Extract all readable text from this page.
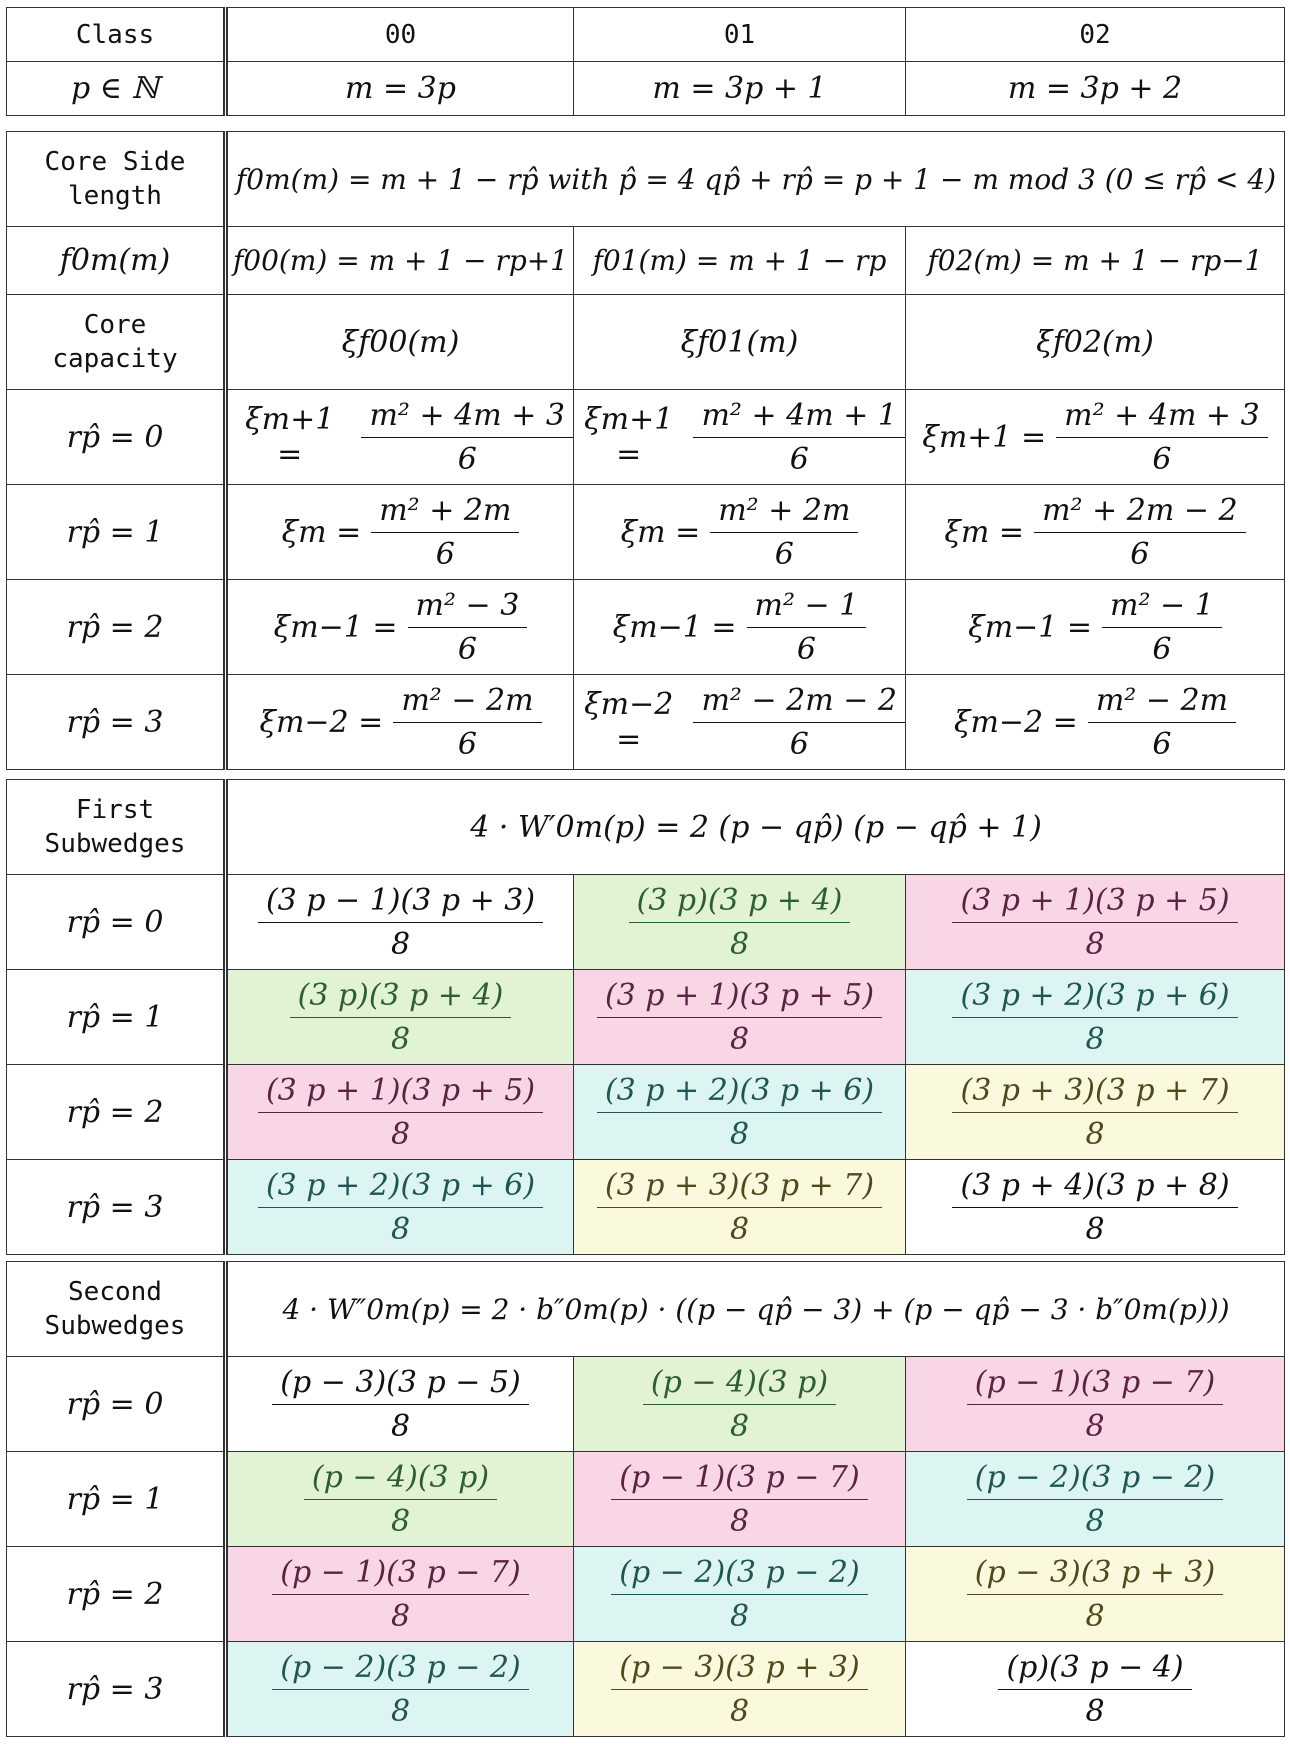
Class	00	01	02
p ∈ ℕ	m = 3p	m = 3p + 1	m = 3p + 2
Core Side
length	f0m(m) = m + 1 − rp̂ with p̂ = 4 qp̂ + rp̂ = p + 1 − m mod 3 (0 ≤ rp̂ < 4)		
f0m(m)	f00(m) = m + 1 − rp+1	f01(m) = m + 1 − rp	f02(m) = m + 1 − rp−1
Core
capacity	ξf00(m)	ξf01(m)	ξf02(m)
rp̂ = 0	$\xi m+1 = \frac{\text{m² + 4m + 3}}{6}$	$\xi m+1 = \frac{\text{m² + 4m + 1}}{6}$	$\xi m+1 = \frac{\text{m² + 4m + 3}}{6}$

rp̂ = 1	$\xi m = \frac{\text{m² + 2m}}{6}$	$\xi m = \frac{\text{m² + 2m}}{6}$	$\xi m = \frac{\text{m² + 2m − 2}}{6}$

rp̂ = 2	$\xi m-1 = \frac{\text{m² − 3}}{6}$	$\xi m-1 = \frac{\text{m² − 1}}{6}$	$\xi m-1 = \frac{\text{m² − 1}}{6}$

rp̂ = 3	$\xi m-2 = \frac{\text{m² − 2m}}{6}$	$\xi m-2 = \frac{\text{m² − 2m − 2}}{6}$	$\xi m-2 = \frac{\text{m² − 2m}}{6}$
First
Subwedges	4 · W′0m(p) = 2 (p − qp̂) (p − qp̂ + 1)		
rp̂ = 0	$\frac{(3 p - 1)(3 p + 3)}{8}$	$\frac{(3 p)(3 p + 4)}{8}$	$\frac{(3 p + 1)(3 p + 5)}{8}$

rp̂ = 1	$\frac{(3 p)(3 p + 4)}{8}$	$\frac{(3 p + 1)(3 p + 5)}{8}$	$\frac{(3 p + 2)(3 p + 6)}{8}$

rp̂ = 2	$\frac{(3 p + 1)(3 p + 5)}{8}$	$\frac{(3 p + 2)(3 p + 6)}{8}$	$\frac{(3 p + 3)(3 p + 7)}{8}$

rp̂ = 3	$\frac{(3 p + 2)(3 p + 6)}{8}$	$\frac{(3 p + 3)(3 p + 7)}{8}$	$\frac{(3 p + 4)(3 p + 8)}{8}$
Second
Subwedges	4 · W″0m(p) = 2 · b″0m(p) · ((p − qp̂ − 3) + (p − qp̂ − 3 · b″0m(p)))		
rp̂ = 0	$\frac{(p - 3)(3 p - 5)}{8}$	$\frac{(p - 4)(3 p)}{8}$	$\frac{(p - 1)(3 p - 7)}{8}$

rp̂ = 1	$\frac{(p - 4)(3 p)}{8}$	$\frac{(p - 1)(3 p - 7)}{8}$	$\frac{(p - 2)(3 p - 2)}{8}$

rp̂ = 2	$\frac{(p - 1)(3 p - 7)}{8}$	$\frac{(p - 2)(3 p - 2)}{8}$	$\frac{(p - 3)(3 p + 3)}{8}$

rp̂ = 3	$\frac{(p - 2)(3 p - 2)}{8}$	$\frac{(p - 3)(3 p + 3)}{8}$	$\frac{(p)(3 p - 4)}{8}$
